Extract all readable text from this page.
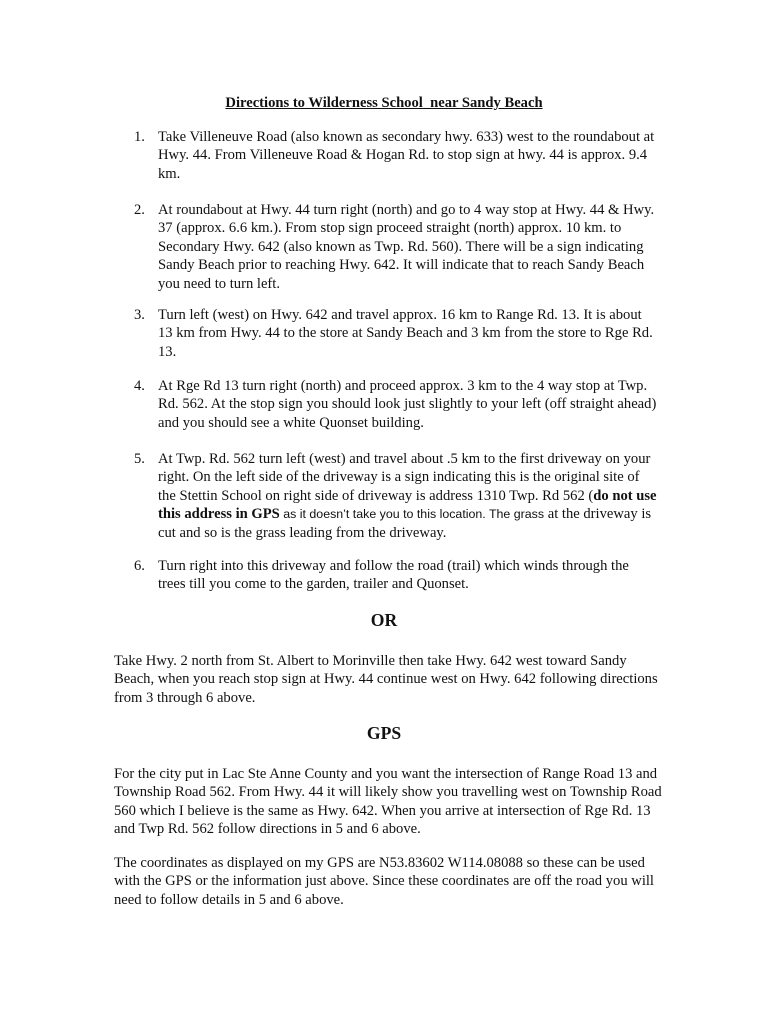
Directions to Wilderness School  near Sandy Beach
1. Take Villeneuve Road (also known as secondary hwy. 633) west to the roundabout at Hwy. 44. From Villeneuve Road & Hogan Rd. to stop sign at hwy. 44 is approx. 9.4 km.
2. At roundabout at Hwy. 44 turn right (north) and go to 4 way stop at Hwy. 44 & Hwy. 37 (approx. 6.6 km.). From stop sign proceed straight (north) approx. 10 km. to Secondary Hwy. 642 (also known as Twp. Rd. 560). There will be a sign indicating Sandy Beach prior to reaching Hwy. 642. It will indicate that to reach Sandy Beach you need to turn left.
3. Turn left (west) on Hwy. 642 and travel approx. 16 km to Range Rd. 13. It is about 13 km from Hwy. 44 to the store at Sandy Beach and 3 km from the store to Rge Rd. 13.
4. At Rge Rd 13 turn right (north) and proceed approx. 3 km to the 4 way stop at Twp. Rd. 562. At the stop sign you should look just slightly to your left (off straight ahead) and you should see a white Quonset building.
5. At Twp. Rd. 562 turn left (west) and travel about .5 km to the first driveway on your right. On the left side of the driveway is a sign indicating this is the original site of the Stettin School on right side of driveway is address 1310 Twp. Rd 562 (do not use this address in GPS as it doesn’t take you to this location. The grass at the driveway is cut and so is the grass leading from the driveway.
6. Turn right into this driveway and follow the road (trail) which winds through the trees till you come to the garden, trailer and Quonset.
OR
Take Hwy. 2 north from St. Albert to Morinville then take Hwy. 642 west toward Sandy Beach, when you reach stop sign at Hwy. 44 continue west on Hwy. 642 following directions from 3 through 6 above.
GPS
For the city put in Lac Ste Anne County and you want the intersection of Range Road 13 and Township Road 562. From Hwy. 44 it will likely show you travelling west on Township Road 560 which I believe is the same as Hwy. 642. When you arrive at intersection of Rge Rd. 13 and Twp Rd. 562 follow directions in 5 and 6 above.
The coordinates as displayed on my GPS are N53.83602 W114.08088 so these can be used with the GPS or the information just above. Since these coordinates are off the road you will need to follow details in 5 and 6 above.
